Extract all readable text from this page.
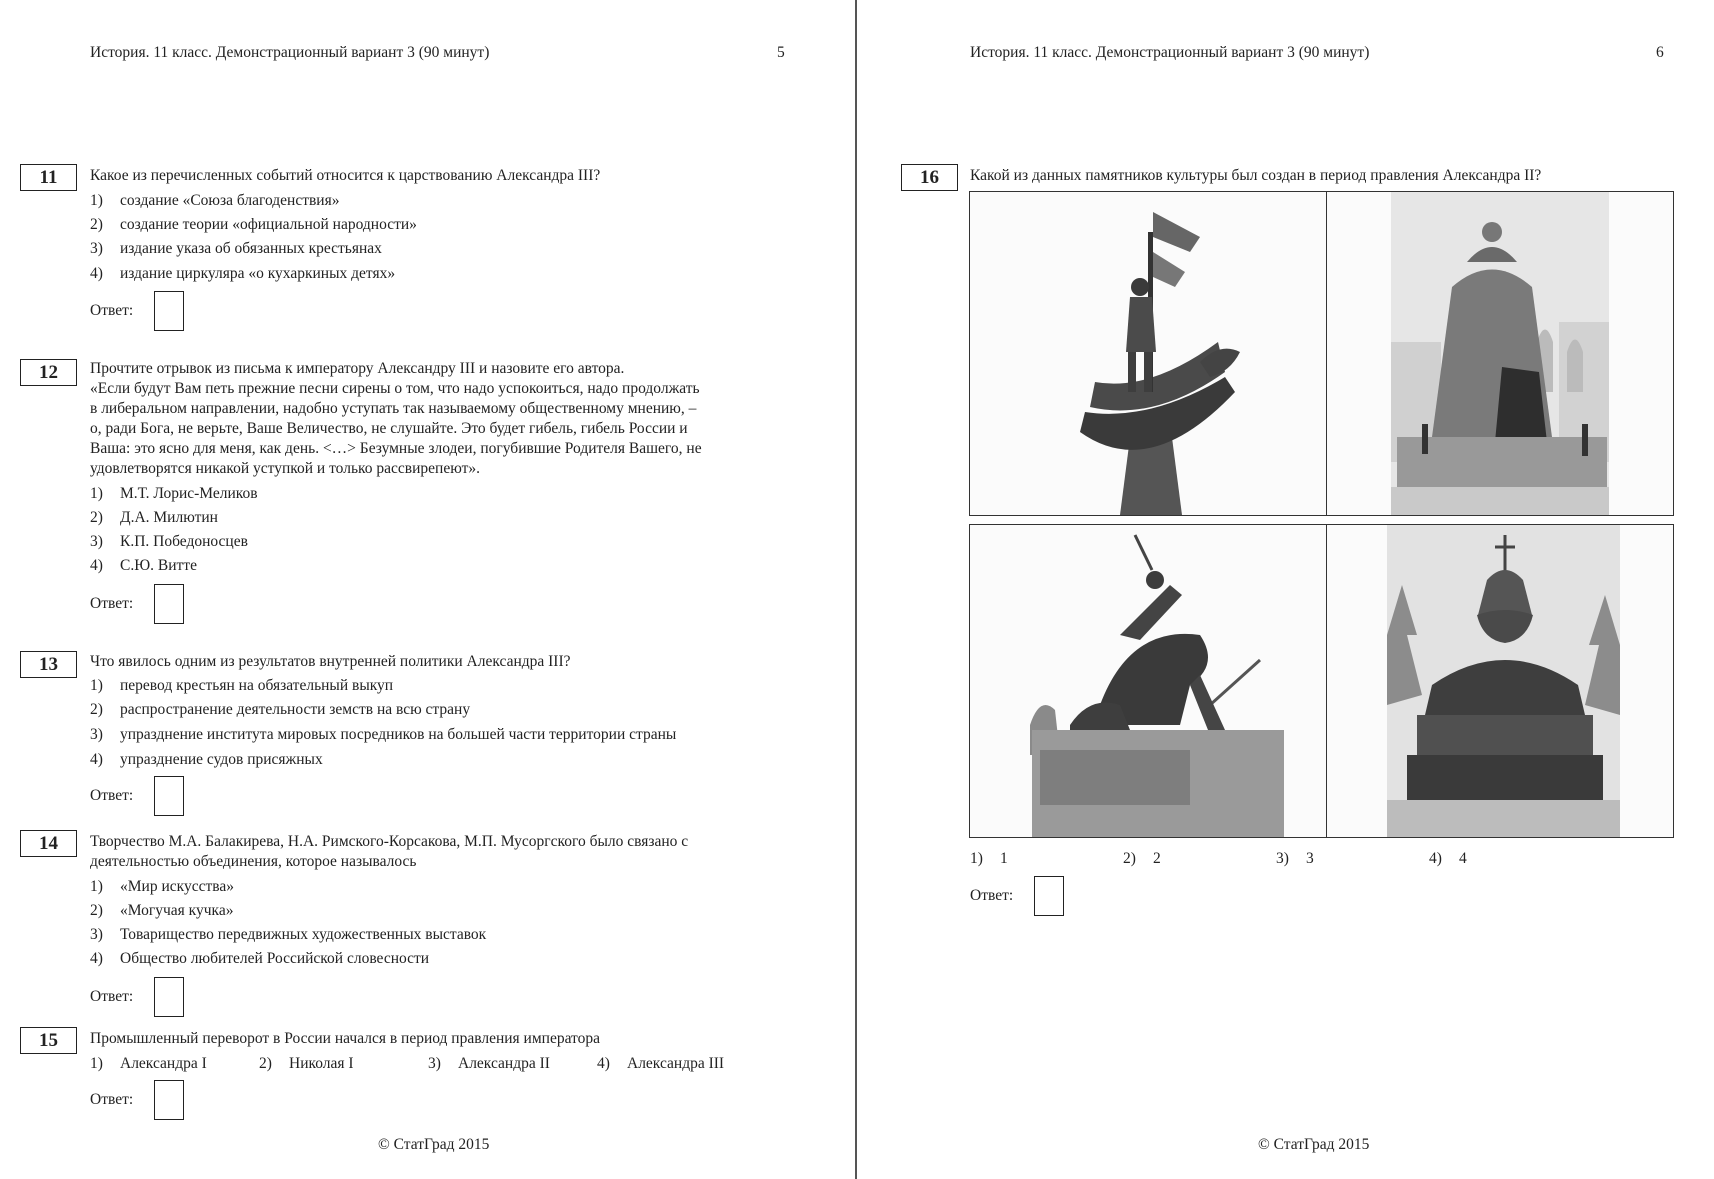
История. 11 класс. Демонстрационный вариант 3 (90 минут)	5
11	Какое из перечисленных событий относится к царствованию Александра III?
1) создание «Союза благоденствия»
2) создание теории «официальной народности»
3) издание указа об обязанных крестьянах
4) издание циркуляра «о кухаркиных детях»
Ответ:
12	Прочтите отрывок из письма к императору Александру III и назовите его автора.
«Если будут Вам петь прежние песни сирены о том, что надо успокоиться, надо продолжать
в либеральном направлении, надобно уступать так называемому общественному мнению, –
о, ради Бога, не верьте, Ваше Величество, не слушайте. Это будет гибель, гибель России и
Ваша: это ясно для меня, как день. <…> Безумные злодеи, погубившие Родителя Вашего, не
удовлетворятся никакой уступкой и только рассвирепеют».
1) М.Т. Лорис-Меликов
2) Д.А. Милютин
3) К.П. Победоносцев
4) С.Ю. Витте
Ответ:
13	Что явилось одним из результатов внутренней политики Александра III?
1) перевод крестьян на обязательный выкуп
2) распространение деятельности земств на всю страну
3) упразднение института мировых посредников на большей части территории страны
4) упразднение судов присяжных
Ответ:
14	Творчество М.А. Балакирева, Н.А. Римского-Корсакова, М.П. Мусоргского было связано с
деятельностью объединения, которое называлось
1) «Мир искусства»
2) «Могучая кучка»
3) Товарищество передвижных художественных выставок
4) Общество любителей Российской словесности
Ответ:
15	Промышленный переворот в России начался в период правления императора
1) Александра I	2) Николая I	3) Александра II	4) Александра III
Ответ:
© СтатГрад 2015
История. 11 класс. Демонстрационный вариант 3 (90 минут)	6
16	Какой из данных памятников культуры был создан в период правления Александра II?
1) 1	2) 2	3) 3	4) 4
Ответ:
© СтатГрад 2015
